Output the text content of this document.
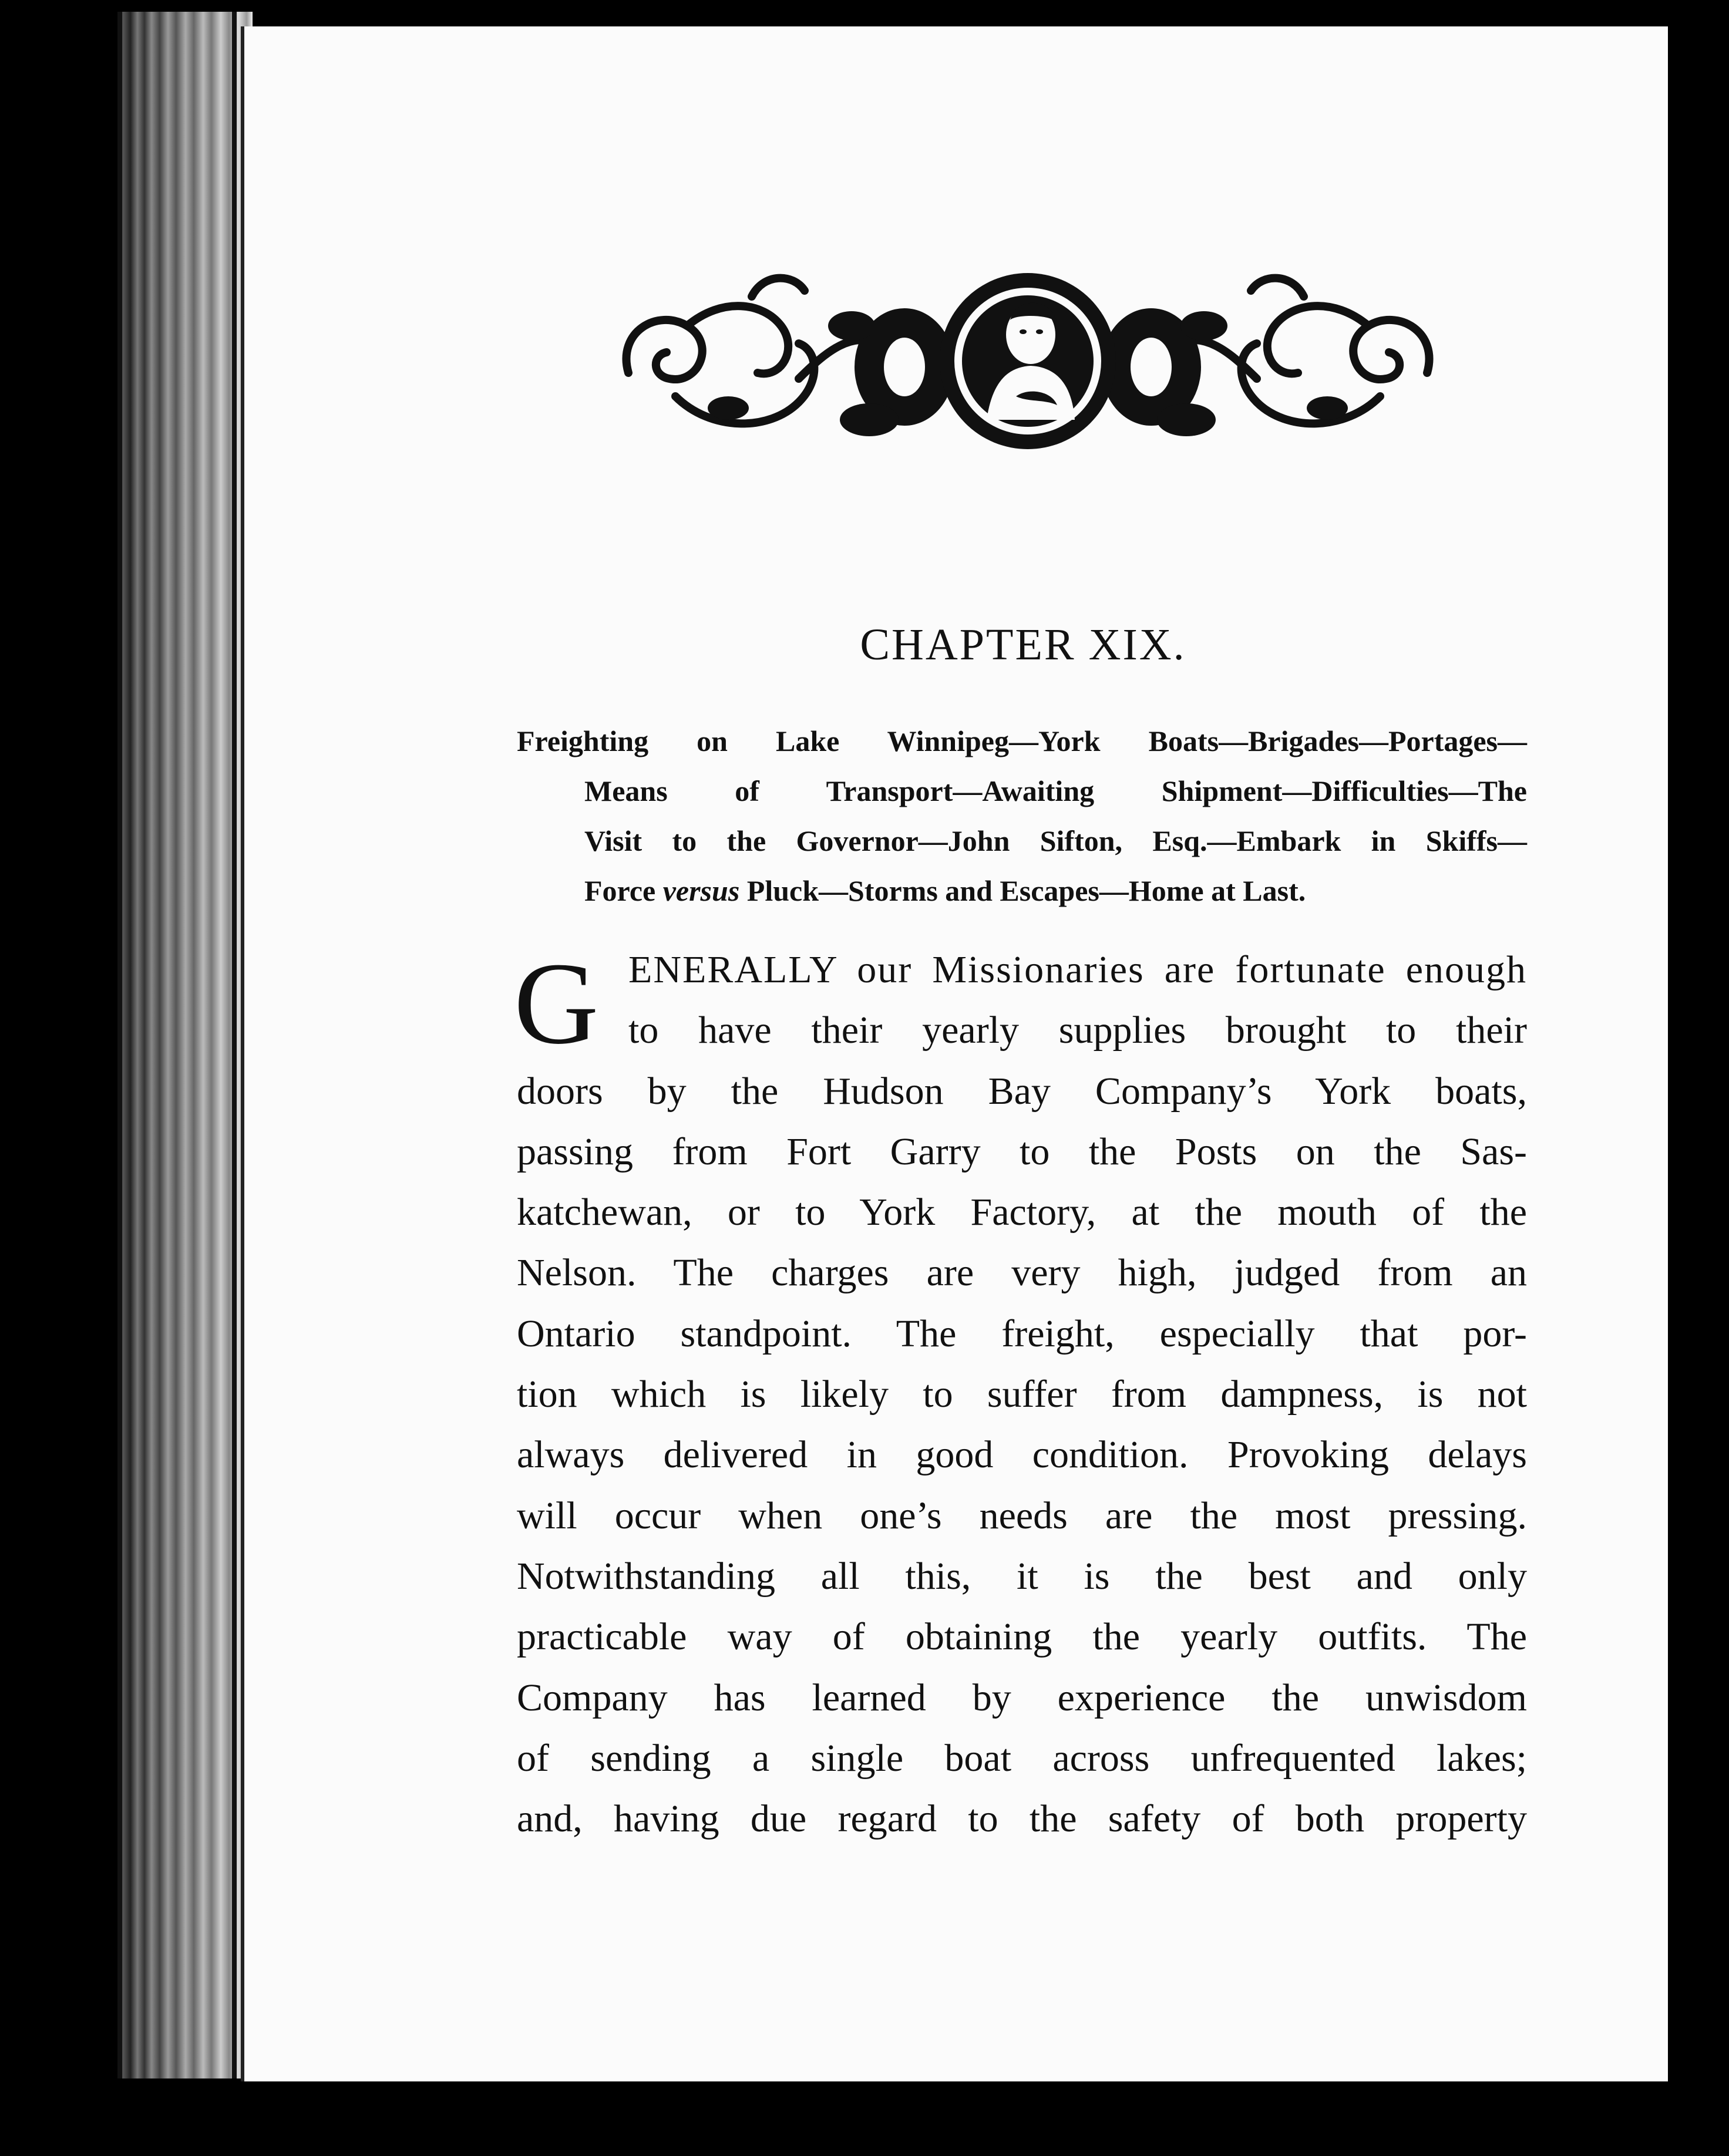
CHAPTER XIX.
Freighting on Lake Winnipeg—York Boats—Brigades—Portages—
Means of Transport—Awaiting Shipment—Difficulties—The
Visit to the Governor—John Sifton, Esq.—Embark in Skiffs—
Force versus Pluck—Storms and Escapes—Home at Last.
G ENERALLY our Missionaries are fortunate enough
to have their yearly supplies brought to their
doors by the Hudson Bay Company’s York boats,
passing from Fort Garry to the Posts on the Sas-
katchewan, or to York Factory, at the mouth of the
Nelson. The charges are very high, judged from an
Ontario standpoint. The freight, especially that por-
tion which is likely to suffer from dampness, is not
always delivered in good condition. Provoking delays
will occur when one’s needs are the most pressing.
Notwithstanding all this, it is the best and only
practicable way of obtaining the yearly outfits. The
Company has learned by experience the unwisdom
of sending a single boat across unfrequented lakes;
and, having due regard to the safety of both property
